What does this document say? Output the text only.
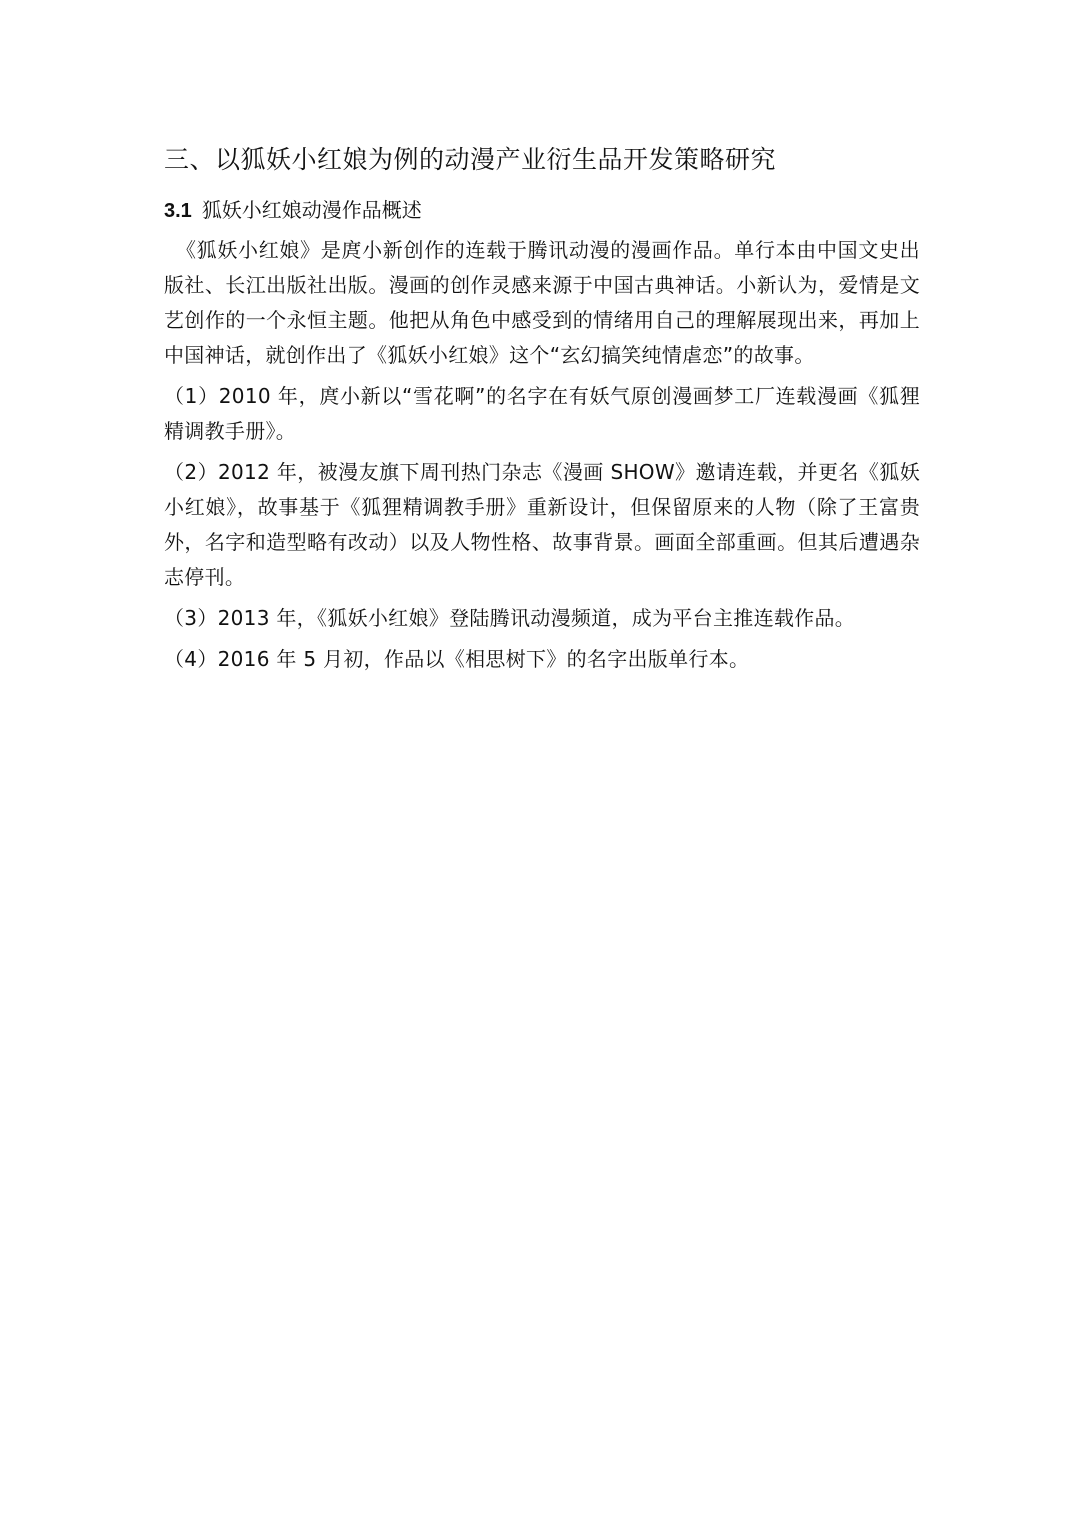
三、以狐妖小红娘为例的动漫产业衍生品开发策略研究
3.1 狐妖小红娘动漫作品概述

《狐妖小红娘》是庹小新创作的连载于腾讯动漫的漫画作品。单行本由中国文史出版社、长江出版社出版。漫画的创作灵感来源于中国古典神话。小新认为，爱情是文艺创作的一个永恒主题。他把从角色中感受到的情绪用自己的理解展现出来，再加上中国神话，就创作出了《狐妖小红娘》这个“玄幻搞笑纯情虐恋”的故事。

（1）2010 年，庹小新以“雪花啊”的名字在有妖气原创漫画梦工厂连载漫画《狐狸精调教手册》。

（2）2012 年，被漫友旗下周刊热门杂志《漫画 SHOW》邀请连载，并更名《狐妖小红娘》，故事基于《狐狸精调教手册》重新设计，但保留原来的人物（除了王富贵外，名字和造型略有改动）以及人物性格、故事背景。画面全部重画。但其后遭遇杂志停刊。

（3）2013 年，《狐妖小红娘》登陆腾讯动漫频道，成为平台主推连载作品。

（4）2016 年 5 月初，作品以《相思树下》的名字出版单行本。
